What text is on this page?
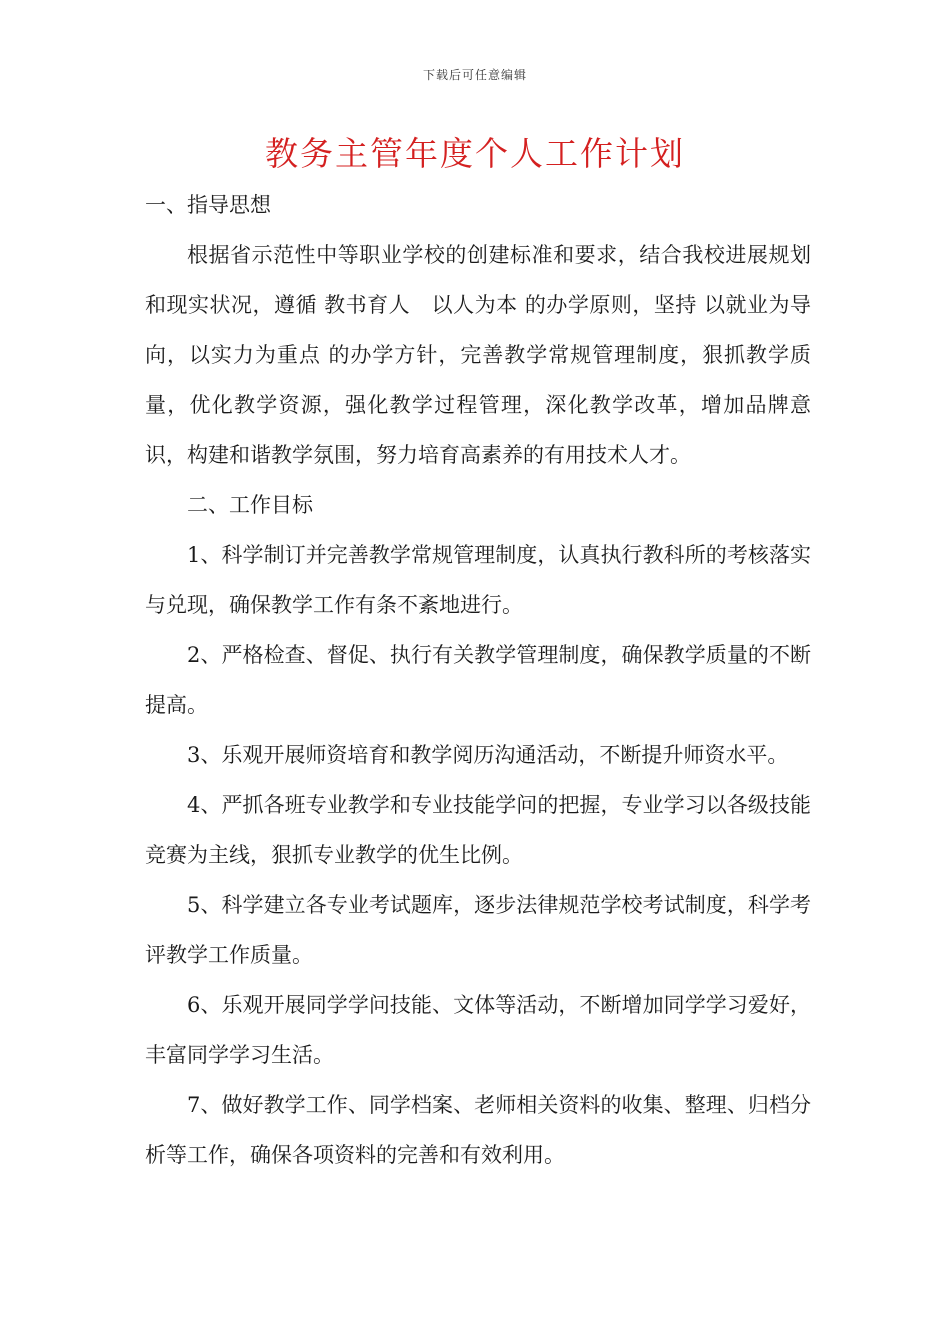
下载后可任意编辑
教务主管年度个人工作计划

一、指导思想

根据省示范性中等职业学校的创建标准和要求，结合我校进展规划和现实状况，遵循 教书育人　以人为本 的办学原则，坚持 以就业为导向，以实力为重点 的办学方针，完善教学常规管理制度，狠抓教学质量，优化教学资源，强化教学过程管理，深化教学改革，增加品牌意识，构建和谐教学氛围，努力培育高素养的有用技术人才。

二、工作目标

1、科学制订并完善教学常规管理制度，认真执行教科所的考核落实与兑现，确保教学工作有条不紊地进行。

2、严格检查、督促、执行有关教学管理制度，确保教学质量的不断提高。

3、乐观开展师资培育和教学阅历沟通活动，不断提升师资水平。

4、严抓各班专业教学和专业技能学问的把握，专业学习以各级技能竞赛为主线，狠抓专业教学的优生比例。

5、科学建立各专业考试题库，逐步法律规范学校考试制度，科学考评教学工作质量。

6、乐观开展同学学问技能、文体等活动，不断增加同学学习爱好，丰富同学学习生活。

7、做好教学工作、同学档案、老师相关资料的收集、整理、归档分析等工作，确保各项资料的完善和有效利用。
